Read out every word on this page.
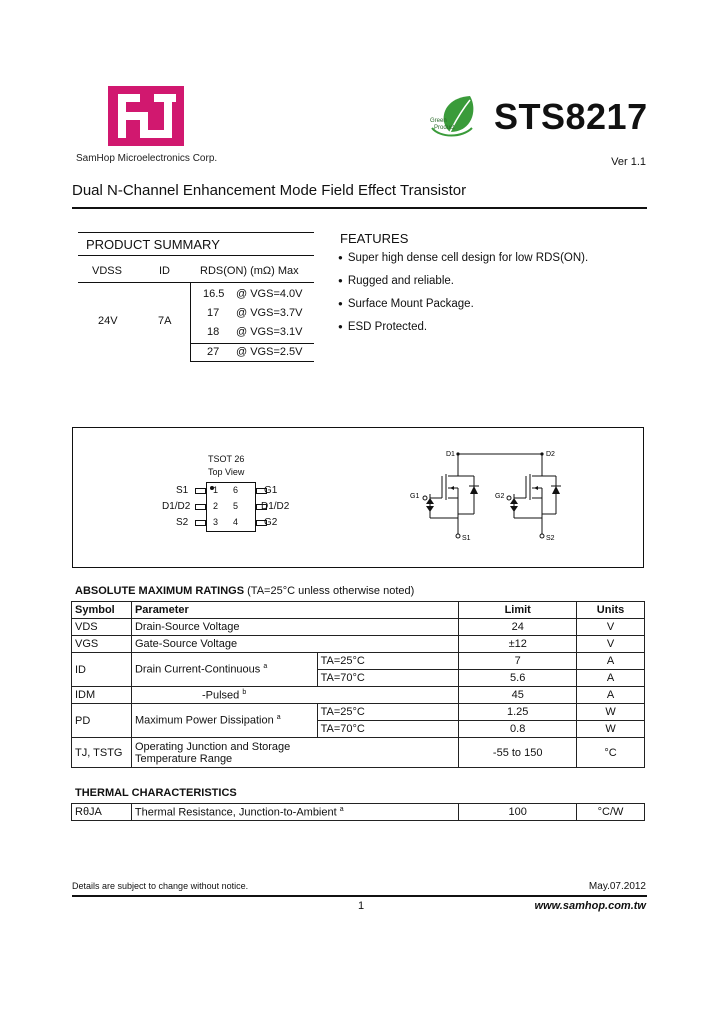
SamHop Microelectronics Corp.
Green
Product STS8217
Ver 1.1
Dual N-Channel Enhancement Mode Field Effect Transistor
PRODUCT SUMMARY
VDSS	ID	RDS(ON) (mΩ) Max
24V	7A
16.5 @ VGS=4.0V
17 @ VGS=3.7V
18 @ VGS=3.1V
27 @ VGS=2.5V
FEATURES
● Super high dense cell design for low RDS(ON).
● Rugged and reliable.
● Surface Mount Package.
● ESD Protected.
TSOT 26
Top View
S1
D1/D2
S2
1
2
3
6
5
4
G1
D1/D2
G2
D1	D2
G1	G2
S1	S2
ABSOLUTE MAXIMUM RATINGS (TA=25°C unless otherwise noted)
Symbol	Parameter		Limit	Units
VDS	Drain-Source Voltage		24	V
VGS	Gate-Source Voltage		±12	V
ID	Drain Current-Continuous $^a$	TA=25°C	7	A
		TA=70°C	5.6	A
IDM	-Pulsed $^b$		45	A
PD	Maximum Power Dissipation $^a$	TA=25°C	1.25	W
		TA=70°C	0.8	W
TJ, TSTG	Operating Junction and Storage
Temperature Range		-55 to 150	°C
THERMAL CHARACTERISTICS
RθJA	Thermal Resistance, Junction-to-Ambient $^a$	100	°C/W
Details are subject to change without notice.	May.07.2012
1	www.samhop.com.tw
